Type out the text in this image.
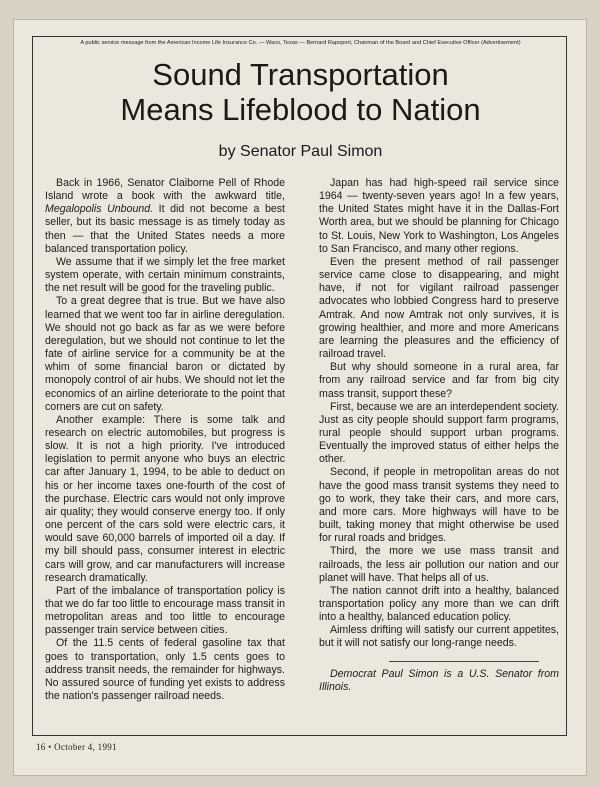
A public service message from the American Income Life Insurance Co. — Waco, Texas — Bernard Rapoport, Chairman of the Board and Chief Executive Officer (Advertisement)
Sound Transportation
Means Lifeblood to Nation
by Senator Paul Simon

Back in 1966, Senator Claiborne Pell of Rhode Island wrote a book with the awkward title, Megalopolis Unbound. It did not become a best seller, but its basic message is as timely today as then — that the United States needs a more balanced transportation policy.

We assume that if we simply let the free market system operate, with certain minimum constraints, the net result will be good for the traveling public.

To a great degree that is true. But we have also learned that we went too far in airline deregulation. We should not go back as far as we were before deregulation, but we should not continue to let the fate of airline service for a community be at the whim of some financial baron or dictated by monopoly control of air hubs. We should not let the economics of an airline deteriorate to the point that corners are cut on safety.

Another example: There is some talk and research on electric automobiles, but progress is slow. It is not a high priority. I've introduced legislation to permit anyone who buys an electric car after January 1, 1994, to be able to deduct on his or her income taxes one-fourth of the cost of the purchase. Electric cars would not only improve air quality; they would conserve energy too. If only one percent of the cars sold were electric cars, it would save 60,000 barrels of imported oil a day. If my bill should pass, consumer interest in electric cars will grow, and car manufacturers will increase research dramatically.

Part of the imbalance of transportation policy is that we do far too little to encourage mass transit in metropolitan areas and too little to encourage passenger train service between cities.

Of the 11.5 cents of federal gasoline tax that goes to transportation, only 1.5 cents goes to address transit needs, the remainder for highways. No assured source of funding yet exists to address the nation's passenger railroad needs.

Japan has had high-speed rail service since 1964 — twenty-seven years ago! In a few years, the United States might have it in the Dallas-Fort Worth area, but we should be planning for Chicago to St. Louis, New York to Washington, Los Angeles to San Francisco, and many other regions.

Even the present method of rail passenger service came close to disappearing, and might have, if not for vigilant railroad passenger advocates who lobbied Congress hard to preserve Amtrak. And now Amtrak not only survives, it is growing healthier, and more and more Americans are learning the pleasures and the efficiency of railroad travel.

But why should someone in a rural area, far from any railroad service and far from big city mass transit, support these?

First, because we are an interdependent society. Just as city people should support farm programs, rural people should support urban programs. Eventually the improved status of either helps the other.

Second, if people in metropolitan areas do not have the good mass transit systems they need to go to work, they take their cars, and more cars, and more cars. More highways will have to be built, taking money that might otherwise be used for rural roads and bridges.

Third, the more we use mass transit and railroads, the less air pollution our nation and our planet will have. That helps all of us.

The nation cannot drift into a healthy, balanced transportation policy any more than we can drift into a healthy, balanced education policy.

Aimless drifting will satisfy our current appetites, but it will not satisfy our long-range needs.

Democrat Paul Simon is a U.S. Senator from Illinois.

16 • October 4, 1991
